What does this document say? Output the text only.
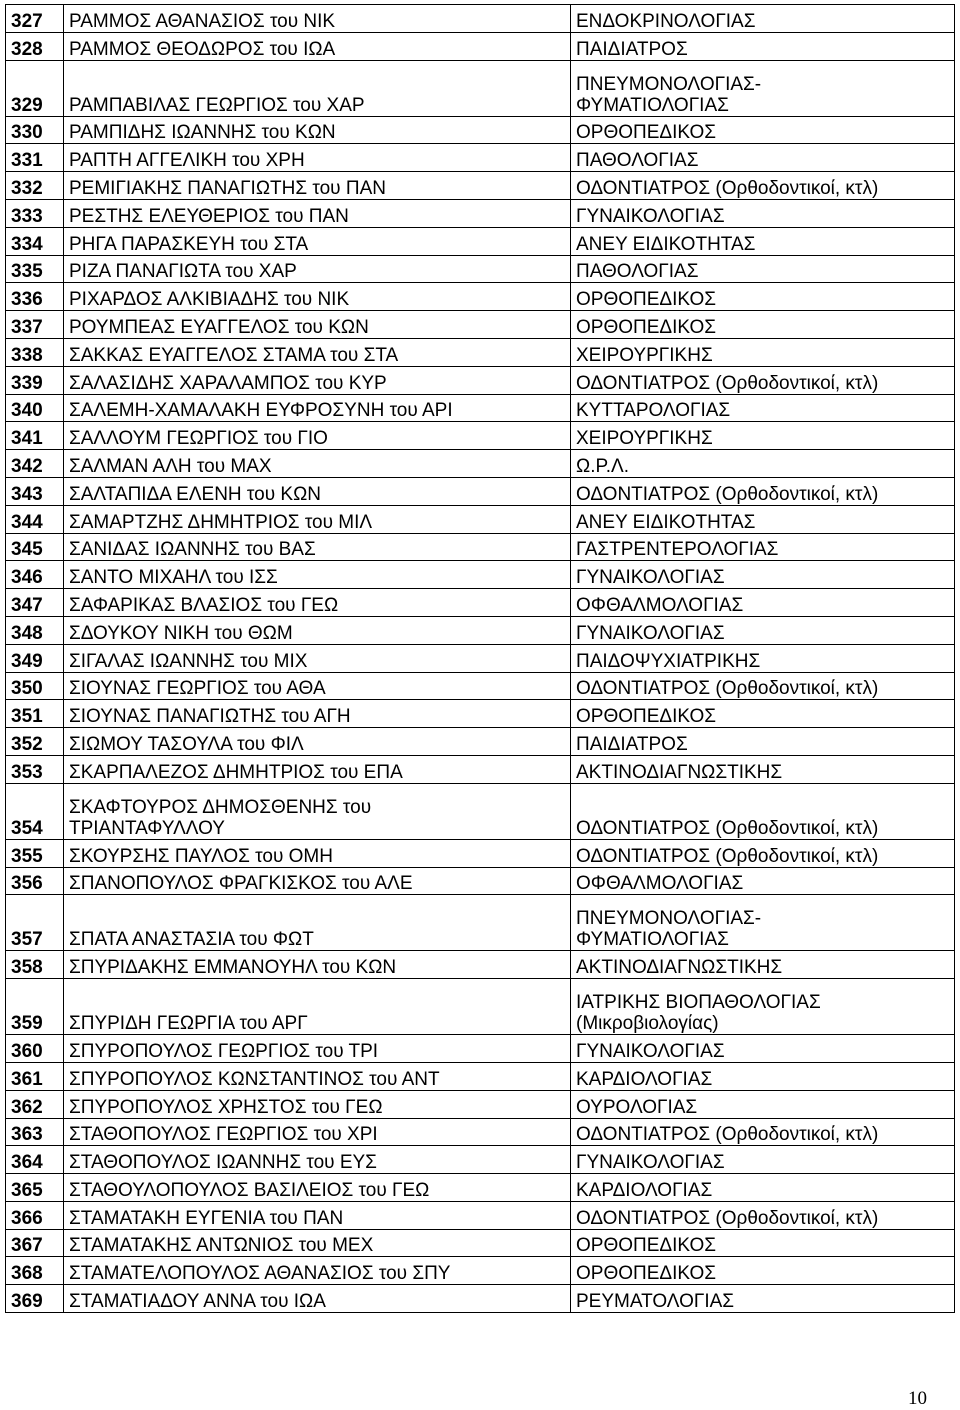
327	ΡΑΜΜΟΣ ΑΘΑΝΑΣΙΟΣ του ΝΙΚ	ΕΝΔΟΚΡΙΝΟΛΟΓΙΑΣ
328	ΡΑΜΜΟΣ ΘΕΟΔΩΡΟΣ του ΙΩΑ	ΠΑΙΔΙΑΤΡΟΣ
329	ΡΑΜΠΑΒΙΛΑΣ ΓΕΩΡΓΙΟΣ του ΧΑΡ	ΠΝΕΥΜΟΝΟΛΟΓΙΑΣ-
ΦΥΜΑΤΙΟΛΟΓΙΑΣ
330	ΡΑΜΠΙΔΗΣ ΙΩΑΝΝΗΣ του ΚΩΝ	ΟΡΘΟΠΕΔΙΚΟΣ
331	ΡΑΠΤΗ ΑΓΓΕΛΙΚΗ του ΧΡΗ	ΠΑΘΟΛΟΓΙΑΣ
332	ΡΕΜΙΓΙΑΚΗΣ ΠΑΝΑΓΙΩΤΗΣ του ΠΑΝ	ΟΔΟΝΤΙΑΤΡΟΣ (Ορθοδοντικοί, κτλ)
333	ΡΕΣΤΗΣ ΕΛΕΥΘΕΡΙΟΣ του ΠΑΝ	ΓΥΝΑΙΚΟΛΟΓΙΑΣ
334	ΡΗΓΑ ΠΑΡΑΣΚΕΥΗ του ΣΤΑ	ΑΝΕΥ ΕΙΔΙΚΟΤΗΤΑΣ
335	ΡΙΖΑ ΠΑΝΑΓΙΩΤΑ του ΧΑΡ	ΠΑΘΟΛΟΓΙΑΣ
336	ΡΙΧΑΡΔΟΣ ΑΛΚΙΒΙΑΔΗΣ του ΝΙΚ	ΟΡΘΟΠΕΔΙΚΟΣ
337	ΡΟΥΜΠΕΑΣ ΕΥΑΓΓΕΛΟΣ του ΚΩΝ	ΟΡΘΟΠΕΔΙΚΟΣ
338	ΣΑΚΚΑΣ ΕΥΑΓΓΕΛΟΣ ΣΤΑΜΑ του ΣΤΑ	ΧΕΙΡΟΥΡΓΙΚΗΣ
339	ΣΑΛΑΣΙΔΗΣ ΧΑΡΑΛΑΜΠΟΣ του ΚΥΡ	ΟΔΟΝΤΙΑΤΡΟΣ (Ορθοδοντικοί, κτλ)
340	ΣΑΛΕΜΗ-ΧΑΜΑΛΑΚΗ ΕΥΦΡΟΣΥΝΗ του ΑΡΙ	ΚΥΤΤΑΡΟΛΟΓΙΑΣ
341	ΣΑΛΛΟΥΜ ΓΕΩΡΓΙΟΣ του ΓΙΟ	ΧΕΙΡΟΥΡΓΙΚΗΣ
342	ΣΑΛΜΑΝ ΑΛΗ του ΜΑΧ	Ω.Ρ.Λ.
343	ΣΑΛΤΑΠΙΔΑ ΕΛΕΝΗ του ΚΩΝ	ΟΔΟΝΤΙΑΤΡΟΣ (Ορθοδοντικοί, κτλ)
344	ΣΑΜΑΡΤΖΗΣ ΔΗΜΗΤΡΙΟΣ του ΜΙΛ	ΑΝΕΥ ΕΙΔΙΚΟΤΗΤΑΣ
345	ΣΑΝΙΔΑΣ ΙΩΑΝΝΗΣ του ΒΑΣ	ΓΑΣΤΡΕΝΤΕΡΟΛΟΓΙΑΣ
346	ΣΑΝΤΟ ΜΙΧΑΗΛ του ΙΣΣ	ΓΥΝΑΙΚΟΛΟΓΙΑΣ
347	ΣΑΦΑΡΙΚΑΣ ΒΛΑΣΙΟΣ του ΓΕΩ	ΟΦΘΑΛΜΟΛΟΓΙΑΣ
348	ΣΔΟΥΚΟΥ ΝΙΚΗ του ΘΩΜ	ΓΥΝΑΙΚΟΛΟΓΙΑΣ
349	ΣΙΓΑΛΑΣ ΙΩΑΝΝΗΣ του ΜΙΧ	ΠΑΙΔΟΨΥΧΙΑΤΡΙΚΗΣ
350	ΣΙΟΥΝΑΣ ΓΕΩΡΓΙΟΣ του ΑΘΑ	ΟΔΟΝΤΙΑΤΡΟΣ (Ορθοδοντικοί, κτλ)
351	ΣΙΟΥΝΑΣ ΠΑΝΑΓΙΩΤΗΣ του ΑΓΗ	ΟΡΘΟΠΕΔΙΚΟΣ
352	ΣΙΩΜΟΥ ΤΑΣΟΥΛΑ του ΦΙΛ	ΠΑΙΔΙΑΤΡΟΣ
353	ΣΚΑΡΠΑΛΕΖΟΣ ΔΗΜΗΤΡΙΟΣ του ΕΠΑ	ΑΚΤΙΝΟΔΙΑΓΝΩΣΤΙΚΗΣ
354	ΣΚΑΦΤΟΥΡΟΣ ΔΗΜΟΣΘΕΝΗΣ του
ΤΡΙΑΝΤΑΦΥΛΛΟΥ	ΟΔΟΝΤΙΑΤΡΟΣ (Ορθοδοντικοί, κτλ)
355	ΣΚΟΥΡΣΗΣ ΠΑΥΛΟΣ του ΟΜΗ	ΟΔΟΝΤΙΑΤΡΟΣ (Ορθοδοντικοί, κτλ)
356	ΣΠΑΝΟΠΟΥΛΟΣ ΦΡΑΓΚΙΣΚΟΣ του ΑΛΕ	ΟΦΘΑΛΜΟΛΟΓΙΑΣ
357	ΣΠΑΤΑ ΑΝΑΣΤΑΣΙΑ του ΦΩΤ	ΠΝΕΥΜΟΝΟΛΟΓΙΑΣ-
ΦΥΜΑΤΙΟΛΟΓΙΑΣ
358	ΣΠΥΡΙΔΑΚΗΣ ΕΜΜΑΝΟΥΗΛ του ΚΩΝ	ΑΚΤΙΝΟΔΙΑΓΝΩΣΤΙΚΗΣ
359	ΣΠΥΡΙΔΗ ΓΕΩΡΓΙΑ του ΑΡΓ	ΙΑΤΡΙΚΗΣ ΒΙΟΠΑΘΟΛΟΓΙΑΣ
(Μικροβιολογίας)
360	ΣΠΥΡΟΠΟΥΛΟΣ ΓΕΩΡΓΙΟΣ του ΤΡΙ	ΓΥΝΑΙΚΟΛΟΓΙΑΣ
361	ΣΠΥΡΟΠΟΥΛΟΣ ΚΩΝΣΤΑΝΤΙΝΟΣ του ΑΝΤ	ΚΑΡΔΙΟΛΟΓΙΑΣ
362	ΣΠΥΡΟΠΟΥΛΟΣ ΧΡΗΣΤΟΣ του ΓΕΩ	ΟΥΡΟΛΟΓΙΑΣ
363	ΣΤΑΘΟΠΟΥΛΟΣ ΓΕΩΡΓΙΟΣ του ΧΡΙ	ΟΔΟΝΤΙΑΤΡΟΣ (Ορθοδοντικοί, κτλ)
364	ΣΤΑΘΟΠΟΥΛΟΣ ΙΩΑΝΝΗΣ του ΕΥΣ	ΓΥΝΑΙΚΟΛΟΓΙΑΣ
365	ΣΤΑΘΟΥΛΟΠΟΥΛΟΣ ΒΑΣΙΛΕΙΟΣ του ΓΕΩ	ΚΑΡΔΙΟΛΟΓΙΑΣ
366	ΣΤΑΜΑΤΑΚΗ ΕΥΓΕΝΙΑ του ΠΑΝ	ΟΔΟΝΤΙΑΤΡΟΣ (Ορθοδοντικοί, κτλ)
367	ΣΤΑΜΑΤΑΚΗΣ ΑΝΤΩΝΙΟΣ του ΜΕΧ	ΟΡΘΟΠΕΔΙΚΟΣ
368	ΣΤΑΜΑΤΕΛΟΠΟΥΛΟΣ ΑΘΑΝΑΣΙΟΣ του ΣΠΥ	ΟΡΘΟΠΕΔΙΚΟΣ
369	ΣΤΑΜΑΤΙΑΔΟΥ ΑΝΝΑ του ΙΩΑ	ΡΕΥΜΑΤΟΛΟΓΙΑΣ
10
